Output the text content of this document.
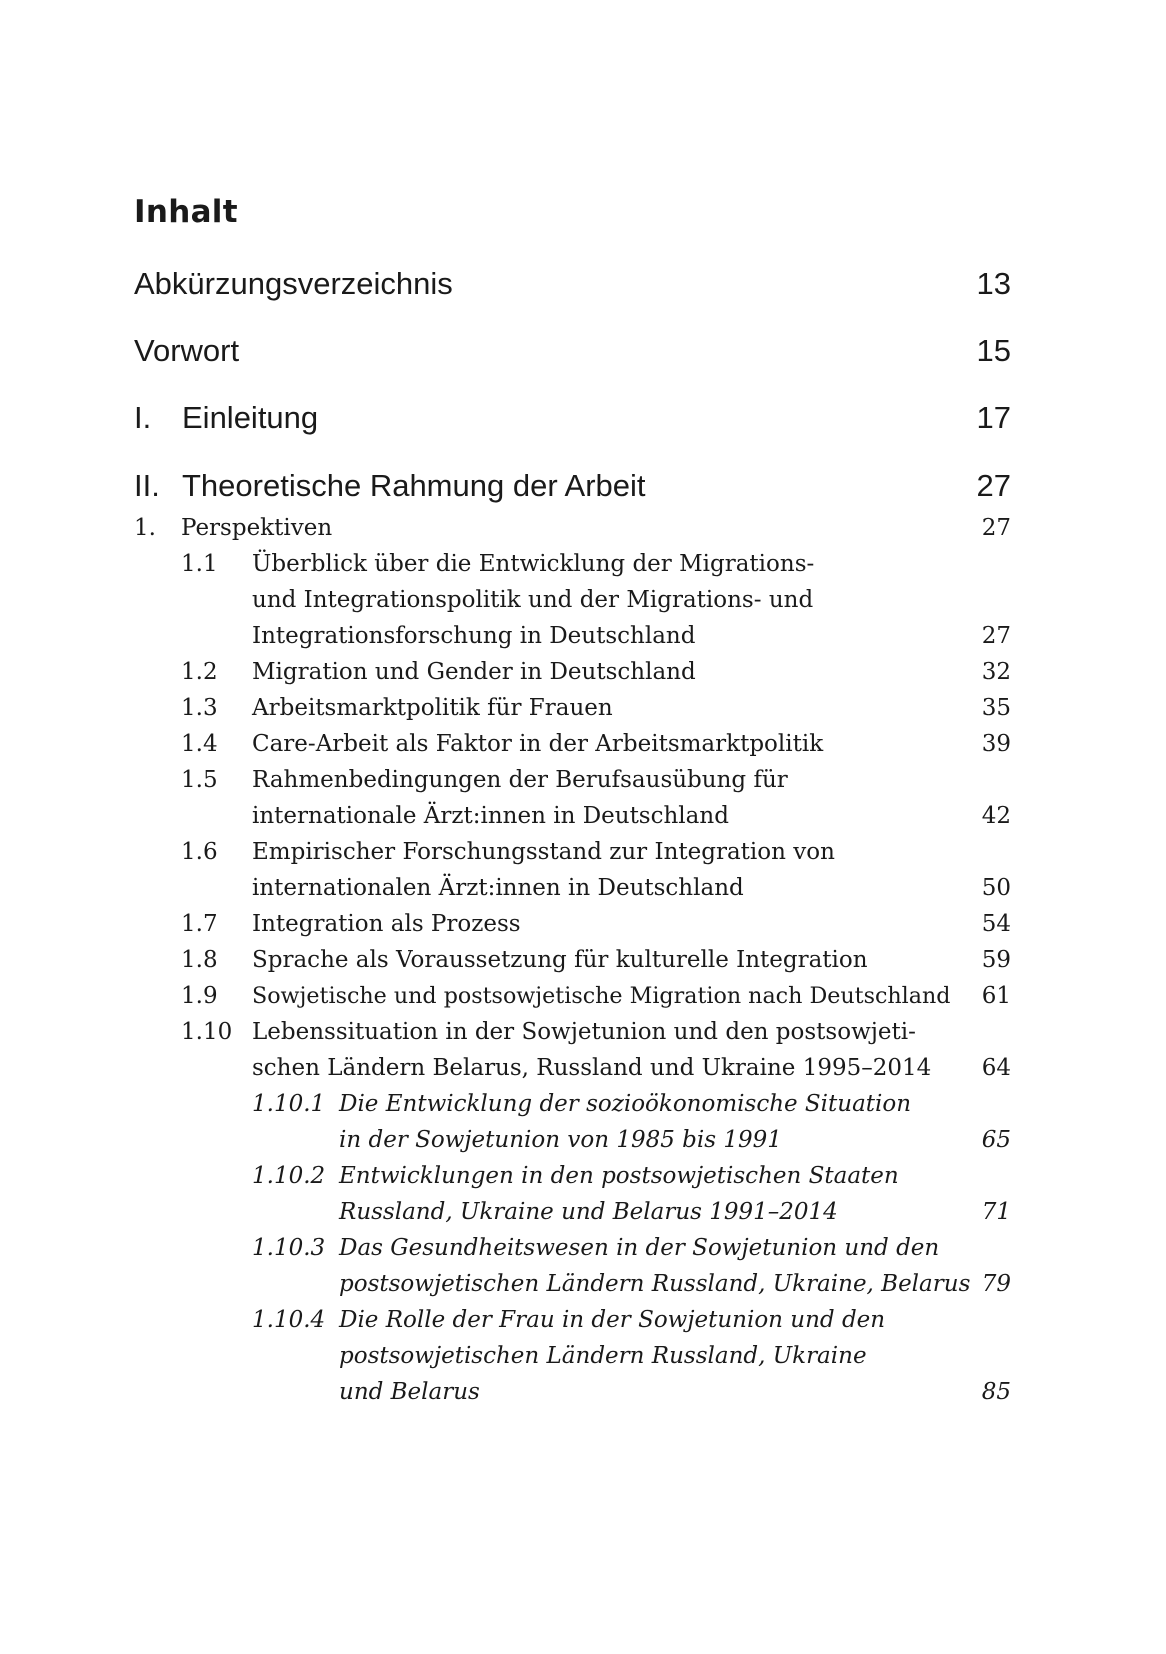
Inhalt
Abkürzungsverzeichnis	13
Vorwort	15
I. Einleitung	17
II. Theoretische Rahmung der Arbeit	27
1. Perspektiven	27
1.1 Überblick über die Entwicklung der Migrations-
und Integrationspolitik und der Migrations- und
Integrationsforschung in Deutschland	27
1.2 Migration und Gender in Deutschland	32
1.3 Arbeitsmarktpolitik für Frauen	35
1.4 Care-Arbeit als Faktor in der Arbeitsmarktpolitik	39
1.5 Rahmenbedingungen der Berufsausübung für
internationale Ärzt:innen in Deutschland	42
1.6 Empirischer Forschungsstand zur Integration von
internationalen Ärzt:innen in Deutschland	50
1.7 Integration als Prozess	54
1.8 Sprache als Voraussetzung für kulturelle Integration	59
1.9 Sowjetische und postsowjetische Migration nach Deutschland 61
1.10 Lebenssituation in der Sowjetunion und den postsowjeti-
schen Ländern Belarus, Russland und Ukraine 1995–2014 64
1.10.1 Die Entwicklung der sozioökonomische Situation
in der Sowjetunion von 1985 bis 1991	65
1.10.2 Entwicklungen in den postsowjetischen Staaten
Russland, Ukraine und Belarus 1991–2014	71
1.10.3 Das Gesundheitswesen in der Sowjetunion und den
postsowjetischen Ländern Russland, Ukraine, Belarus 79
1.10.4 Die Rolle der Frau in der Sowjetunion und den
postsowjetischen Ländern Russland, Ukraine
und Belarus	85
